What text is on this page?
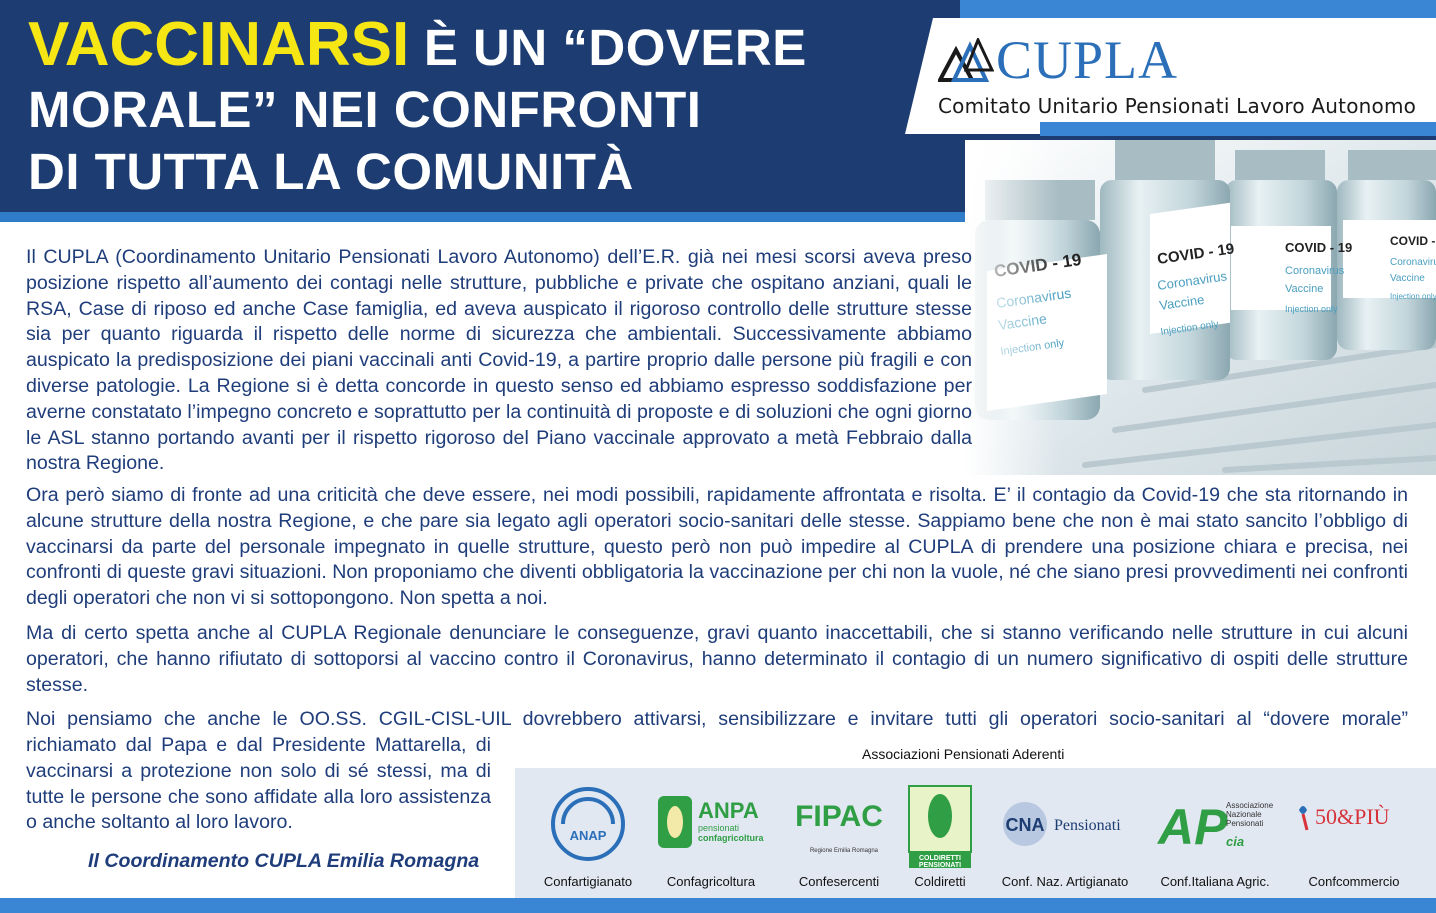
VACCINARSI È UN “DOVERE
MORALE” NEI CONFRONTI
DI TUTTA LA COMUNITÀ
CUPLA
Comitato Unitario Pensionati Lavoro Autonomo

Il CUPLA (Coordinamento Unitario Pensionati Lavoro Autonomo) dell’E.R. già nei mesi scorsi aveva preso posizione rispetto all’aumento dei contagi nelle strutture, pubbliche e private che ospitano anziani, quali le RSA, Case di riposo ed anche Case famiglia, ed aveva auspicato il rigoroso controllo delle strutture stesse sia per quanto riguarda il rispetto delle norme di sicurezza che ambientali. Successivamente abbiamo auspicato la predisposizione dei piani vaccinali anti Covid-19, a partire proprio dalle persone più fragili e con diverse patologie. La Regione si è detta concorde in questo senso ed abbiamo espresso soddisfazione per averne constatato l’impegno concreto e soprattutto per la continuità di proposte e di soluzioni che ogni giorno le ASL stanno portando avanti per il rispetto rigoroso del Piano vaccinale approvato a metà Febbraio dalla nostra Regione.

Ora però siamo di fronte ad una criticità che deve essere, nei modi possibili, rapidamente affrontata e risolta. E’ il contagio da Covid-19 che sta ritornando in alcune strutture della nostra Regione, e che pare sia legato agli operatori socio-sanitari delle stesse. Sappiamo bene che non è mai stato sancito l’obbligo di vaccinarsi da parte del personale impegnato in quelle strutture, questo però non può impedire al CUPLA di prendere una posizione chiara e precisa, nei confronti di queste gravi situazioni. Non proponiamo che diventi obbligatoria la vaccinazione per chi non la vuole, né che siano presi provvedimenti nei confronti degli operatori che non vi si sottopongono. Non spetta a noi.

Ma di certo spetta anche al CUPLA Regionale denunciare le conseguenze, gravi quanto inaccettabili, che si stanno verificando nelle strutture in cui alcuni operatori, che hanno rifiutato di sottoporsi al vaccino contro il Coronavirus, hanno determinato il contagio di un numero significativo di ospiti delle strutture stesse.

Noi pensiamo che anche le OO.SS. CGIL-CISL-UIL dovrebbero attivarsi, sensibilizzare e invitare tutti gli operatori socio-sanitari al “dovere morale”

richiamato dal Papa e dal Presidente Mattarella, di vaccinarsi a protezione non solo di sé stessi, ma di tutte le persone che sono affidate alla loro assistenza o anche soltanto al loro lavoro.

Il Coordinamento CUPLA Emilia Romagna
Associazioni Pensionati Aderenti
ANAP
Confartigianato
ANPA
pensionati
confagricoltura
Confagricoltura
FIPAC
Regione Emilia Romagna
Confesercenti
COLDIRETTI
PENSIONATI
Coldiretti
CNA Pensionati
Conf. Naz. Artigianato
AP
Associazione
Nazionale
Pensionati
cia
Conf.Italiana Agric.
50&PIÙ
Confcommercio
